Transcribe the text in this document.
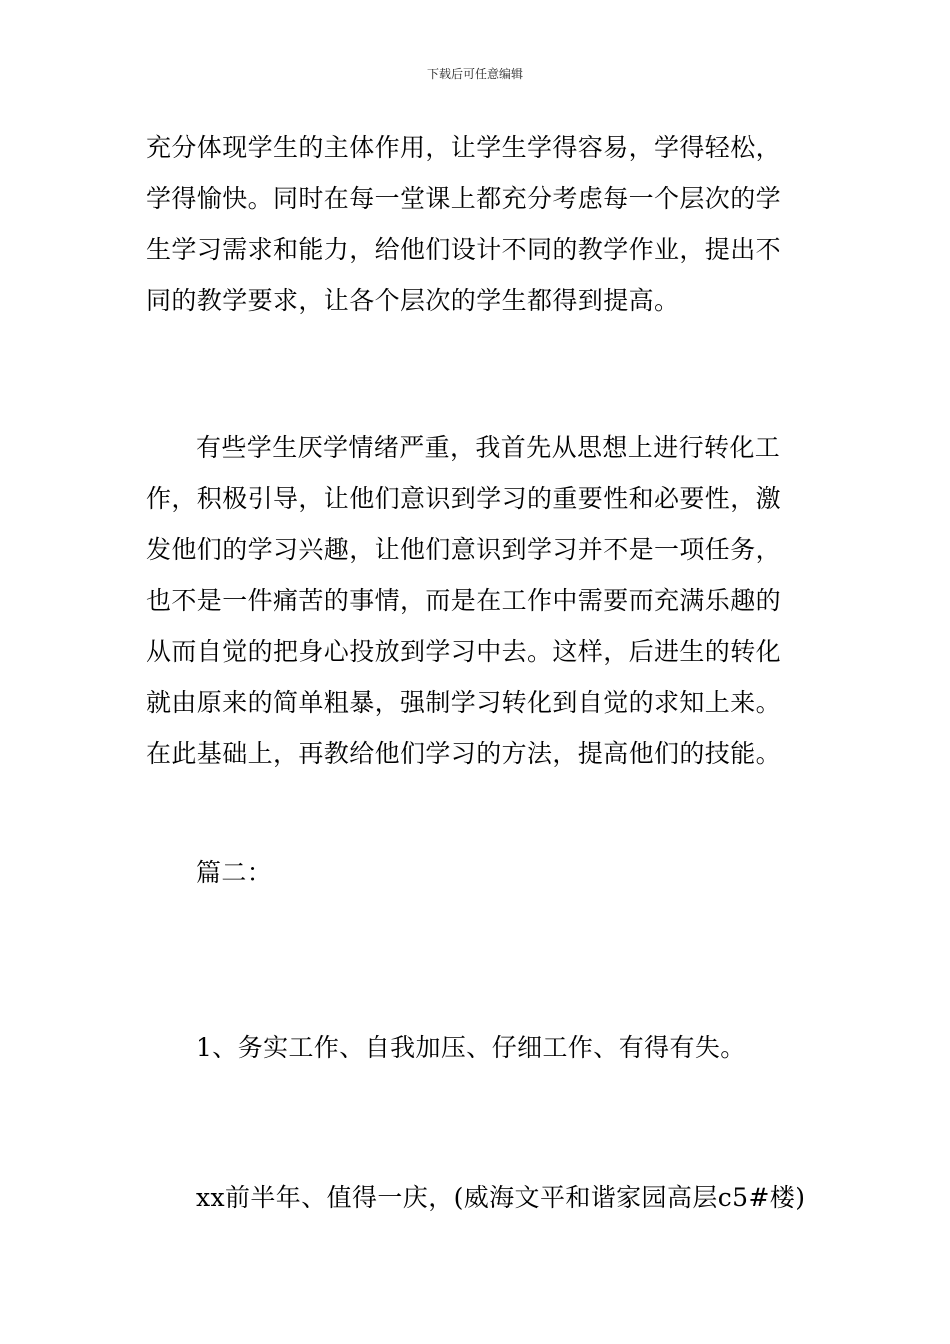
下载后可任意编辑
充分体现学生的主体作用，让学生学得容易，学得轻松，
学得愉快。同时在每一堂课上都充分考虑每一个层次的学
生学习需求和能力，给他们设计不同的教学作业，提出不
同的教学要求，让各个层次的学生都得到提高。
有些学生厌学情绪严重，我首先从思想上进行转化工
作，积极引导，让他们意识到学习的重要性和必要性，激
发他们的学习兴趣，让他们意识到学习并不是一项任务，
也不是一件痛苦的事情，而是在工作中需要而充满乐趣的
从而自觉的把身心投放到学习中去。这样，后进生的转化
就由原来的简单粗暴，强制学习转化到自觉的求知上来。
在此基础上，再教给他们学习的方法，提高他们的技能。
篇二：
1、务实工作、自我加压、仔细工作、有得有失。
xx前半年、值得一庆，(威海文平和谐家园高层c5#楼)
